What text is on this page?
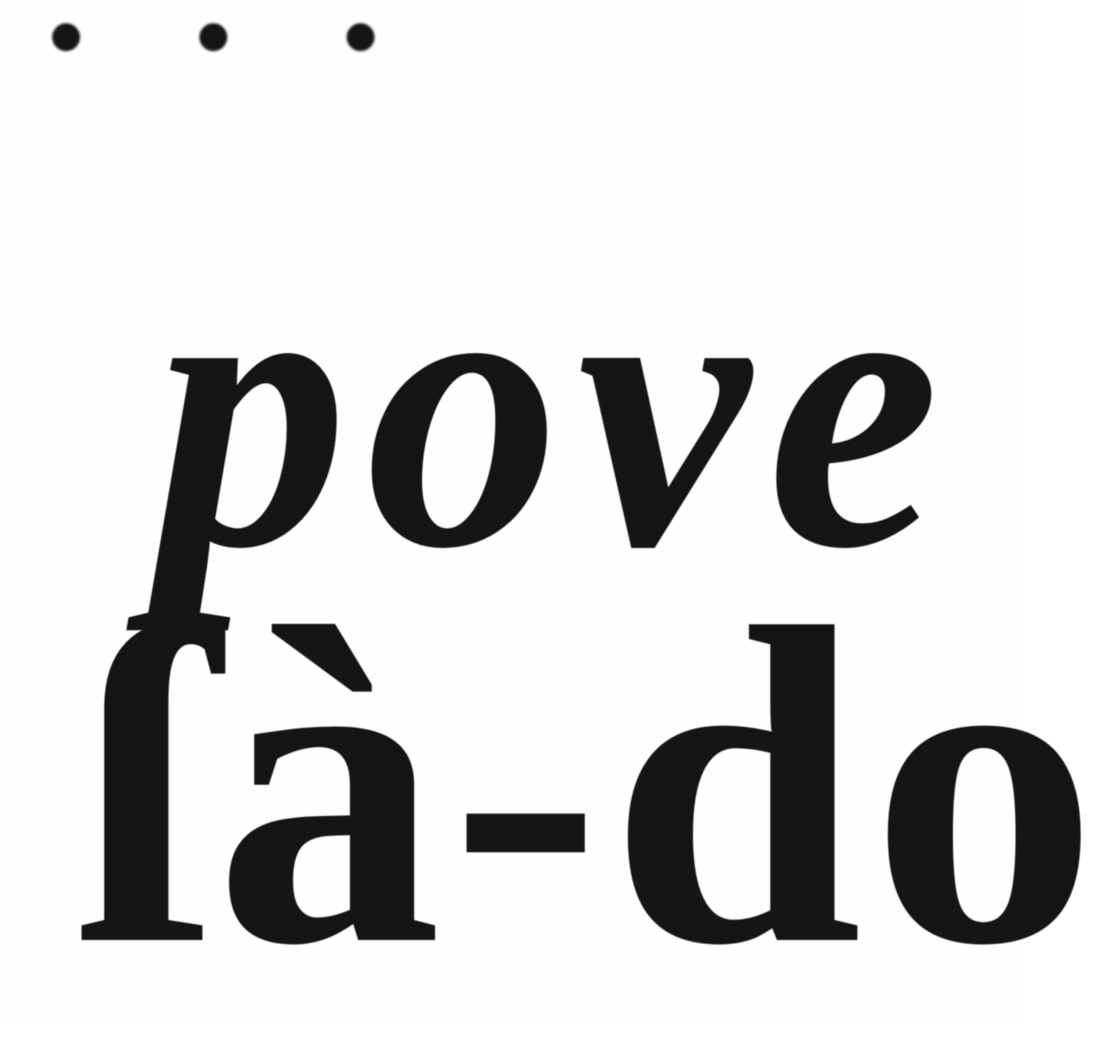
pove
ſà-do
